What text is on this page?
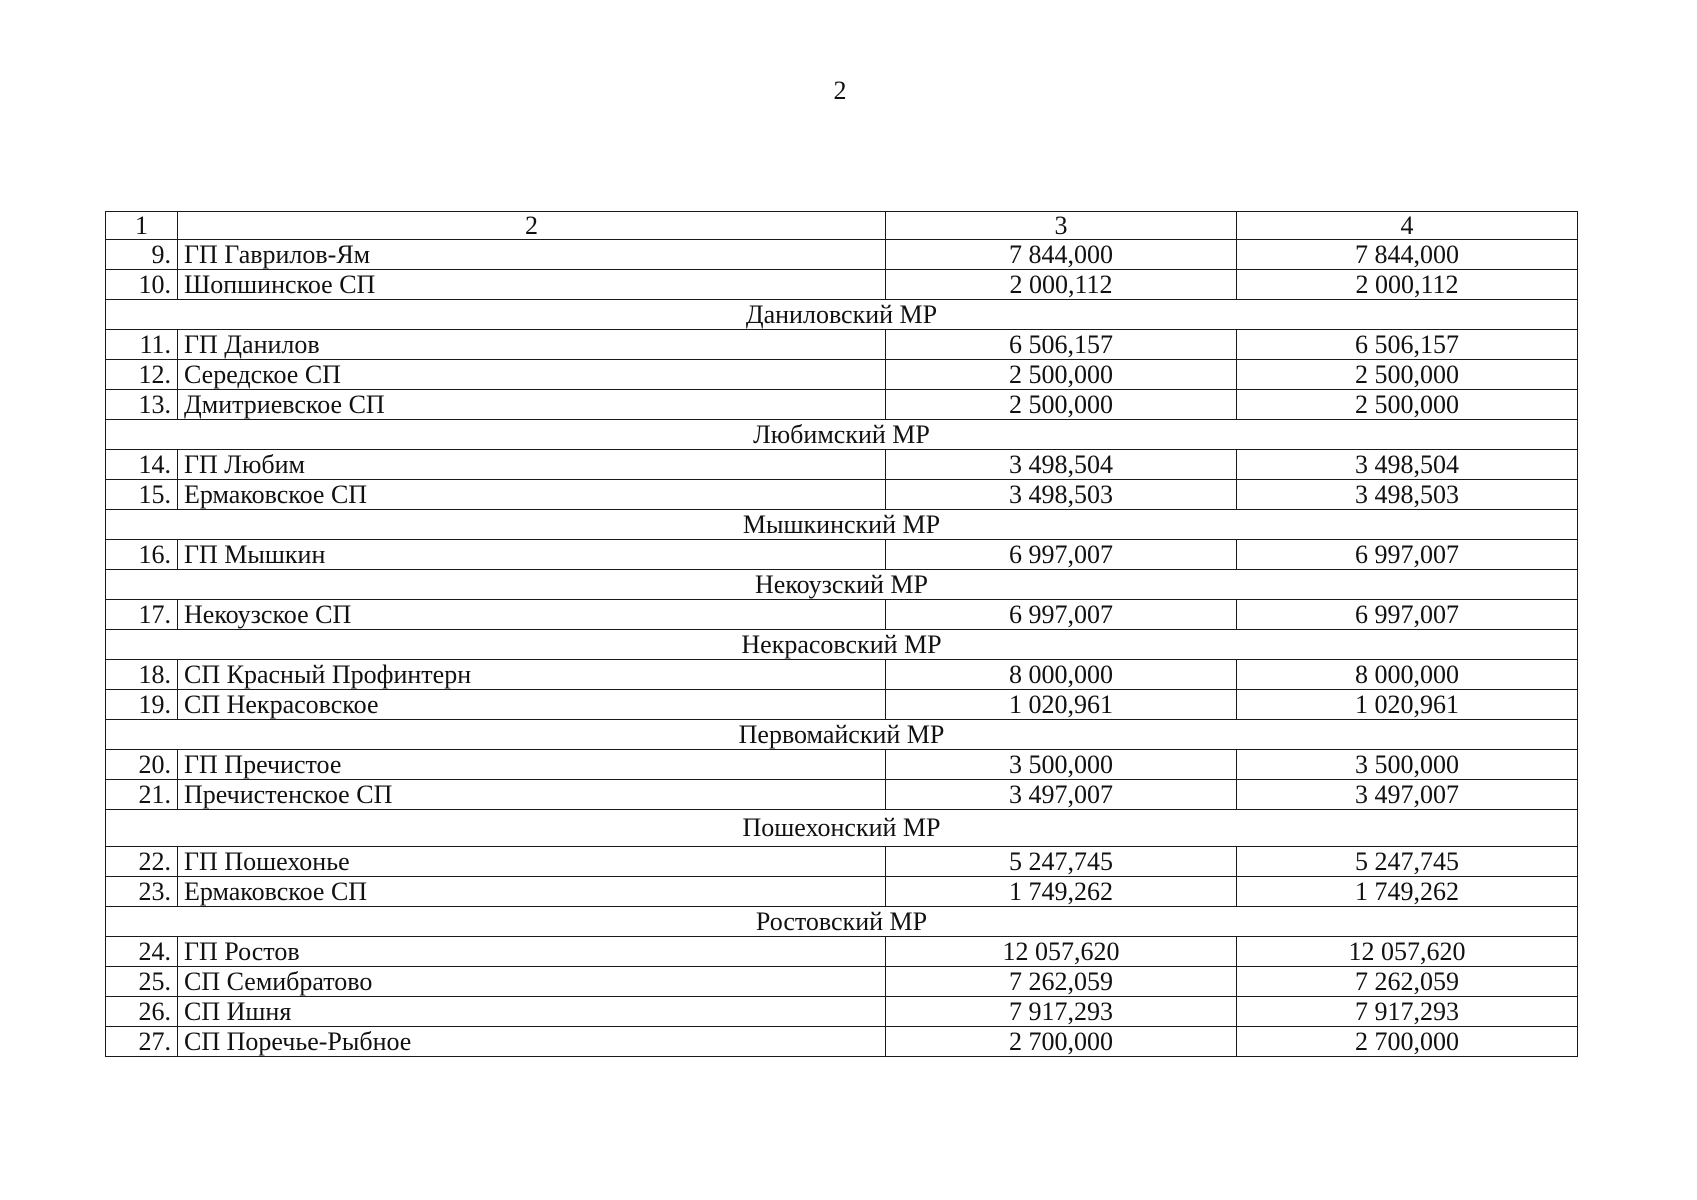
2
1	2	3	4
9.	ГП Гаврилов-Ям	7 844,000	7 844,000
10.	Шопшинское СП	2 000,112	2 000,112
Даниловский МР			
11.	ГП Данилов	6 506,157	6 506,157
12.	Середское СП	2 500,000	2 500,000
13.	Дмитриевское СП	2 500,000	2 500,000
Любимский МР			
14.	ГП Любим	3 498,504	3 498,504
15.	Ермаковское СП	3 498,503	3 498,503
Мышкинский МР			
16.	ГП Мышкин	6 997,007	6 997,007
Некоузский МР			
17.	Некоузское СП	6 997,007	6 997,007
Некрасовский МР			
18.	СП Красный Профинтерн	8 000,000	8 000,000
19.	СП Некрасовское	1 020,961	1 020,961
Первомайский МР			
20.	ГП Пречистое	3 500,000	3 500,000
21.	Пречистенское СП	3 497,007	3 497,007
Пошехонский МР			
22.	ГП Пошехонье	5 247,745	5 247,745
23.	Ермаковское СП	1 749,262	1 749,262
Ростовский МР			
24.	ГП Ростов	12 057,620	12 057,620
25.	СП Семибратово	7 262,059	7 262,059
26.	СП Ишня	7 917,293	7 917,293
27.	СП Поречье-Рыбное	2 700,000	2 700,000
